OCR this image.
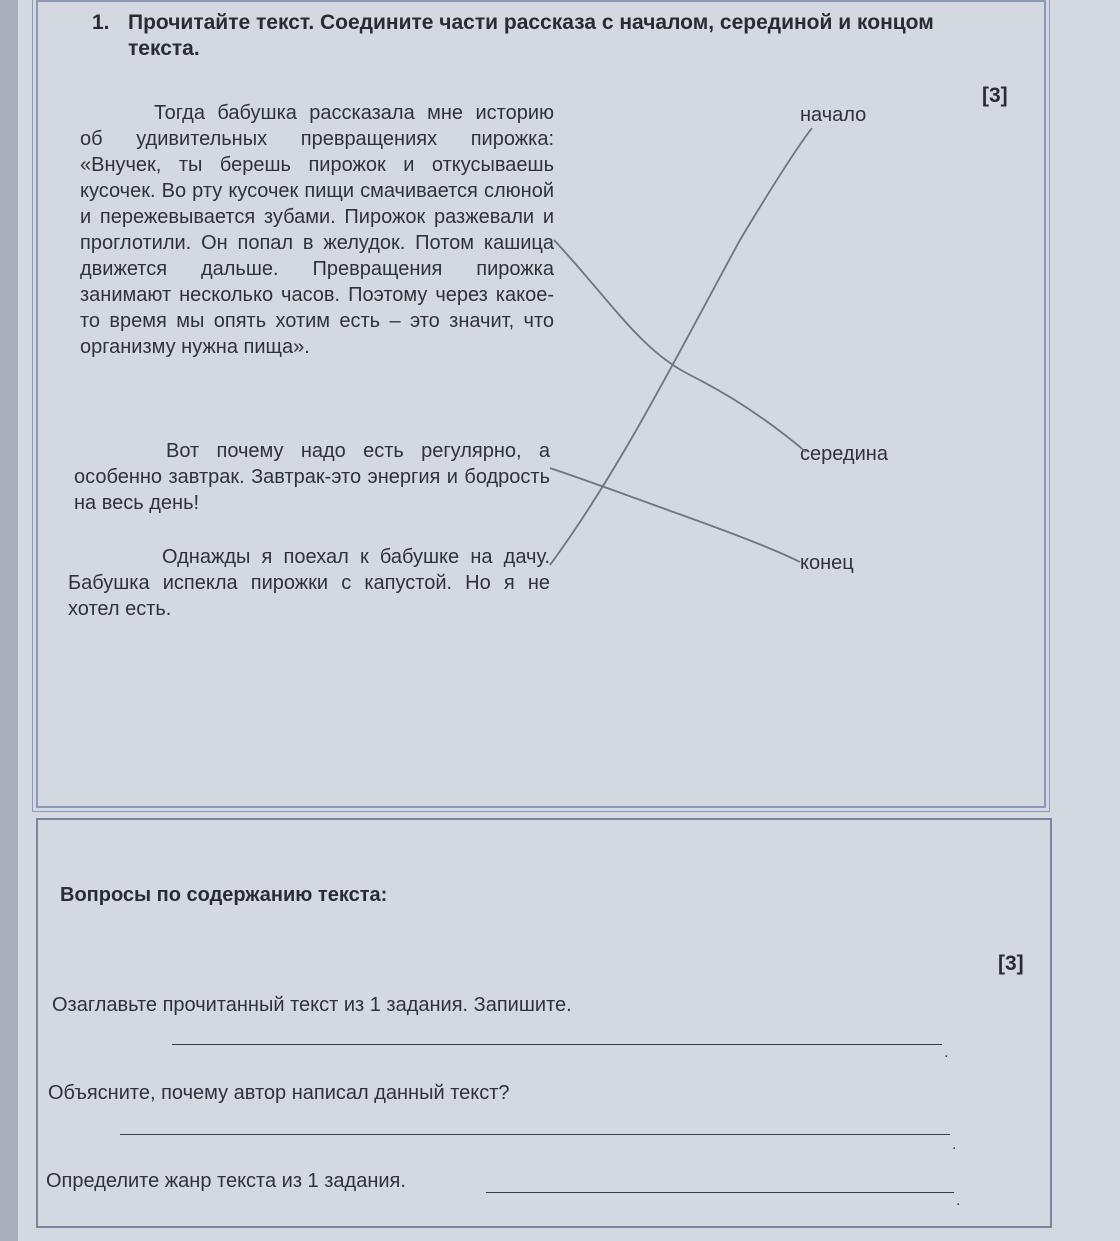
1. Прочитайте текст. Соедините части рассказа с началом, серединой и концом текста.
[3]
Тогда бабушка рассказала мне историю об удивительных превращениях пирожка: «Внучек, ты берешь пирожок и откусываешь кусочек. Во рту кусочек пищи смачивается слюной и пережевывается зубами. Пирожок разжевали и проглотили. Он попал в желудок. Потом кашица движется дальше. Превращения пирожка занимают несколько часов. Поэтому через какое-то время мы опять хотим есть – это значит, что организму нужна пища».
Вот почему надо есть регулярно, а особенно завтрак. Завтрак-это энергия и бодрость на весь день!
Однажды я поехал к бабушке на дачу. Бабушка испекла пирожки с капустой. Но я не хотел есть.
начало
середина
конец
Вопросы по содержанию текста:
[3]
Озаглавьте прочитанный текст из 1 задания. Запишите.
.
Объясните, почему автор написал данный текст?
.
Определите жанр текста из 1 задания.
.
